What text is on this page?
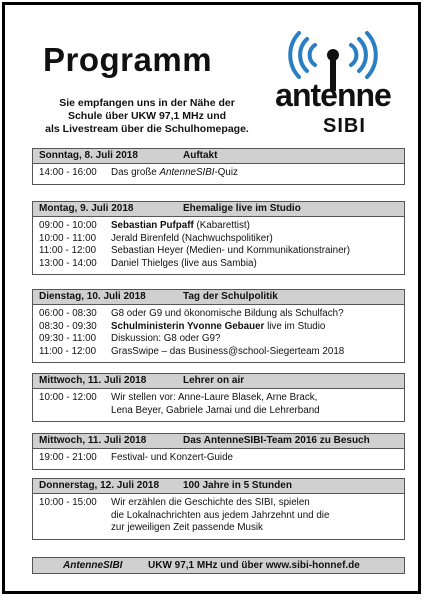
Programm
Sie empfangen uns in der Nähe der
Schule über UKW 97,1 MHz und
als Livestream über die Schulhomepage.
antenne
SIBI
Sonntag, 8. Juli 2018	Auftakt
14:00 - 16:00	Das große AntenneSIBI-Quiz
Montag, 9. Juli 2018	Ehemalige live im Studio
09:00 - 10:00	Sebastian Pufpaff (Kabarettist)
10:00 - 11:00	Jerald Birenfeld (Nachwuchspolitiker)
11:00 - 12:00	Sebastian Heyer (Medien- und Kommunikationstrainer)
13:00 - 14:00	Daniel Thielges (live aus Sambia)
Dienstag, 10. Juli 2018	Tag der Schulpolitik
06:00 - 08:30	G8 oder G9 und ökonomische Bildung als Schulfach?
08:30 - 09:30	Schulministerin Yvonne Gebauer live im Studio
09:30 - 11:00	Diskussion: G8 oder G9?
11:00 - 12:00	GrasSwipe – das Business@school-Siegerteam 2018
Mittwoch, 11. Juli 2018	Lehrer on air
10:00 - 12:00	Wir stellen vor: Anne-Laure Blasek, Arne Brack,
Lena Beyer, Gabriele Jamai und die Lehrerband
Mittwoch, 11. Juli 2018	Das AntenneSIBI-Team 2016 zu Besuch
19:00 - 21:00	Festival- und Konzert-Guide
Donnerstag, 12. Juli 2018 100 Jahre in 5 Stunden
10:00 - 15:00	Wir erzählen die Geschichte des SIBI, spielen
die Lokalnachrichten aus jedem Jahrzehnt und die
zur jeweiligen Zeit passende Musik
AntenneSIBI	UKW 97,1 MHz und über www.sibi-honnef.de
